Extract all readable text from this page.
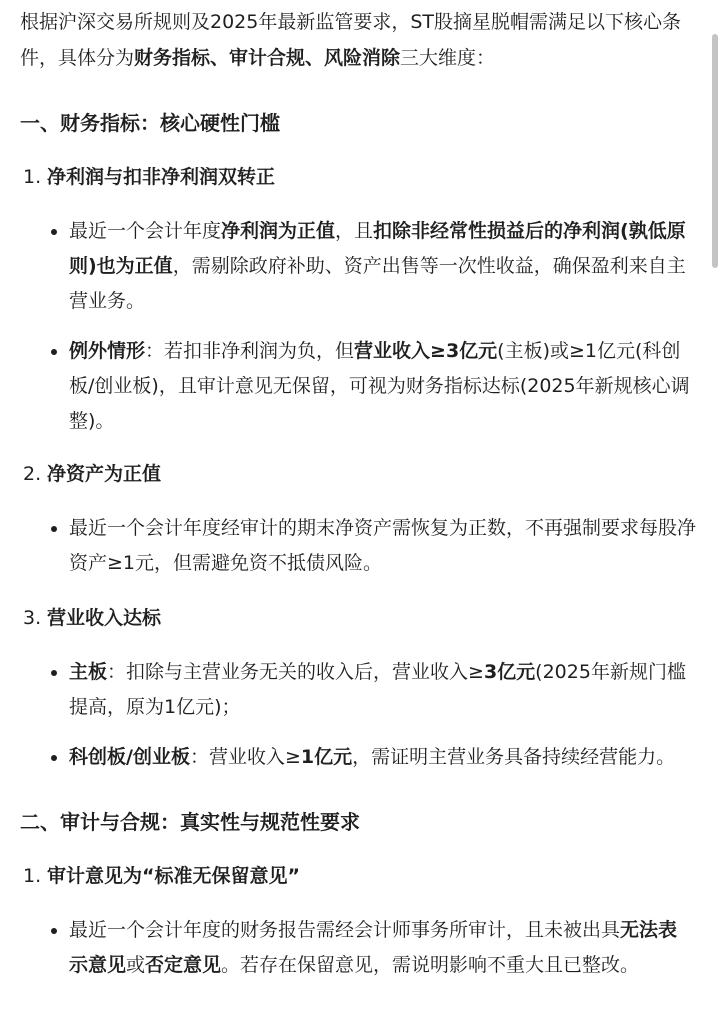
根据沪深交易所规则及2025年最新监管要求，ST股摘星脱帽需满足以下核心条件，具体分为财务指标、审计合规、风险消除三大维度：

一、财务指标：核心硬性门槛
1. 净利润与扣非净利润双转正
最近一个会计年度净利润为正值，且扣除非经常性损益后的净利润(孰低原则)也为正值，需剔除政府补助、资产出售等一次性收益，确保盈利来自主营业务。
例外情形：若扣非净利润为负，但营业收入≥3亿元(主板)或≥1亿元(科创板/创业板)，且审计意见无保留，可视为财务指标达标(2025年新规核心调整)。
2. 净资产为正值
最近一个会计年度经审计的期末净资产需恢复为正数，不再强制要求每股净资产≥1元，但需避免资不抵债风险。
3. 营业收入达标
主板：扣除与主营业务无关的收入后，营业收入≥3亿元(2025年新规门槛提高，原为1亿元)；
科创板/创业板：营业收入≥1亿元，需证明主营业务具备持续经营能力。
二、审计与合规：真实性与规范性要求
1. 审计意见为“标准无保留意见”
最近一个会计年度的财务报告需经会计师事务所审计，且未被出具无法表示意见或否定意见。若存在保留意见，需说明影响不重大且已整改。
